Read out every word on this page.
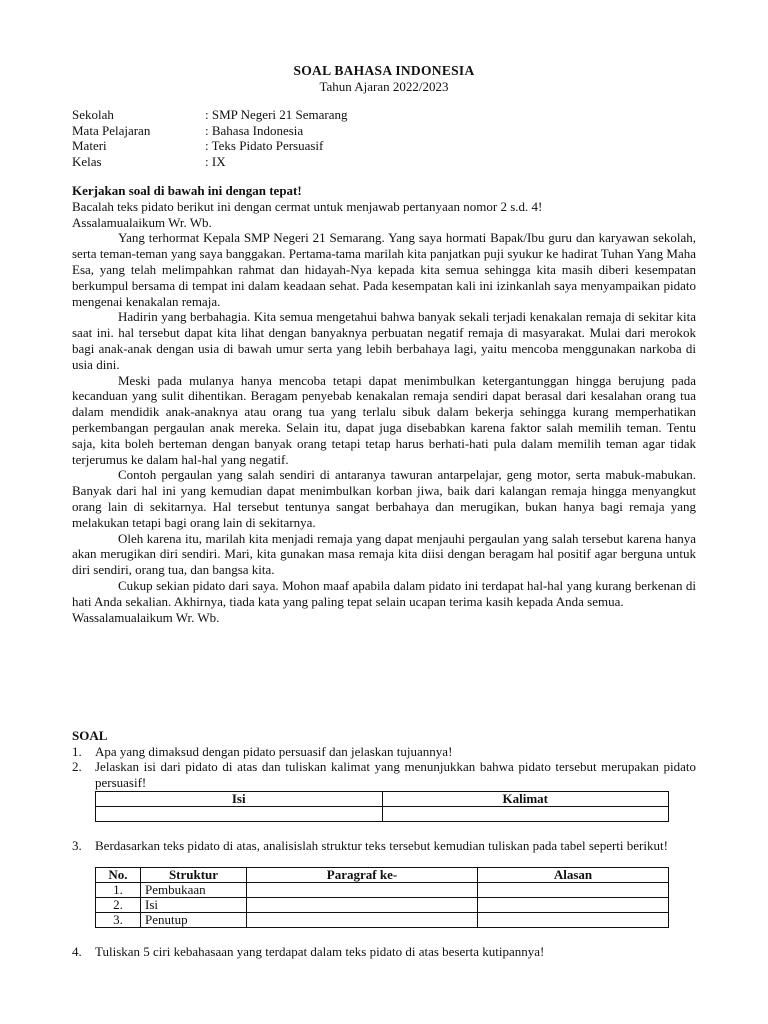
SOAL BAHASA INDONESIA
Tahun Ajaran 2022/2023
Sekolah	: SMP Negeri 21 Semarang
Mata Pelajaran	: Bahasa Indonesia
Materi	: Teks Pidato Persuasif
Kelas	: IX

Kerjakan soal di bawah ini dengan tepat!

Bacalah teks pidato berikut ini dengan cermat untuk menjawab pertanyaan nomor 2 s.d. 4!

Assalamualaikum Wr. Wb.

Yang terhormat Kepala SMP Negeri 21 Semarang. Yang saya hormati Bapak/Ibu guru dan karyawan sekolah, serta teman-teman yang saya banggakan. Pertama-tama marilah kita panjatkan puji syukur ke hadirat Tuhan Yang Maha Esa, yang telah melimpahkan rahmat dan hidayah-Nya kepada kita semua sehingga kita masih diberi kesempatan berkumpul bersama di tempat ini dalam keadaan sehat. Pada kesempatan kali ini izinkanlah saya menyampaikan pidato mengenai kenakalan remaja.

Hadirin yang berbahagia. Kita semua mengetahui bahwa banyak sekali terjadi kenakalan remaja di sekitar kita saat ini. hal tersebut dapat kita lihat dengan banyaknya perbuatan negatif remaja di masyarakat. Mulai dari merokok bagi anak-anak dengan usia di bawah umur serta yang lebih berbahaya lagi, yaitu mencoba menggunakan narkoba di usia dini.

Meski pada mulanya hanya mencoba tetapi dapat menimbulkan ketergantunggan hingga berujung pada kecanduan yang sulit dihentikan. Beragam penyebab kenakalan remaja sendiri dapat berasal dari kesalahan orang tua dalam mendidik anak-anaknya atau orang tua yang terlalu sibuk dalam bekerja sehingga kurang memperhatikan perkembangan pergaulan anak mereka. Selain itu, dapat juga disebabkan karena faktor salah memilih teman. Tentu saja, kita boleh berteman dengan banyak orang tetapi tetap harus berhati-hati pula dalam memilih teman agar tidak terjerumus ke dalam hal-hal yang negatif.

Contoh pergaulan yang salah sendiri di antaranya tawuran antarpelajar, geng motor, serta mabuk-mabukan. Banyak dari hal ini yang kemudian dapat menimbulkan korban jiwa, baik dari kalangan remaja hingga menyangkut orang lain di sekitarnya. Hal tersebut tentunya sangat berbahaya dan merugikan, bukan hanya bagi remaja yang melakukan tetapi bagi orang lain di sekitarnya.

Oleh karena itu, marilah kita menjadi remaja yang dapat menjauhi pergaulan yang salah tersebut karena hanya akan merugikan diri sendiri. Mari, kita gunakan masa remaja kita diisi dengan beragam hal positif agar berguna untuk diri sendiri, orang tua, dan bangsa kita.

Cukup sekian pidato dari saya. Mohon maaf apabila dalam pidato ini terdapat hal-hal yang kurang berkenan di hati Anda sekalian. Akhirnya, tiada kata yang paling tepat selain ucapan terima kasih kepada Anda semua.

Wassalamualaikum Wr. Wb.

SOAL

1.	Apa yang dimaksud dengan pidato persuasif dan jelaskan tujuannya!
2.	Jelaskan isi dari pidato di atas dan tuliskan kalimat yang menunjukkan bahwa pidato tersebut merupakan pidato persuasif!
Isi	Kalimat

3.	Berdasarkan teks pidato di atas, analisislah struktur teks tersebut kemudian tuliskan pada tabel seperti berikut!
No.	Struktur	Paragraf ke-	Alasan
1.	Pembukaan		
2.	Isi		
3.	Penutup		
4.	Tuliskan 5 ciri kebahasaan yang terdapat dalam teks pidato di atas beserta kutipannya!
